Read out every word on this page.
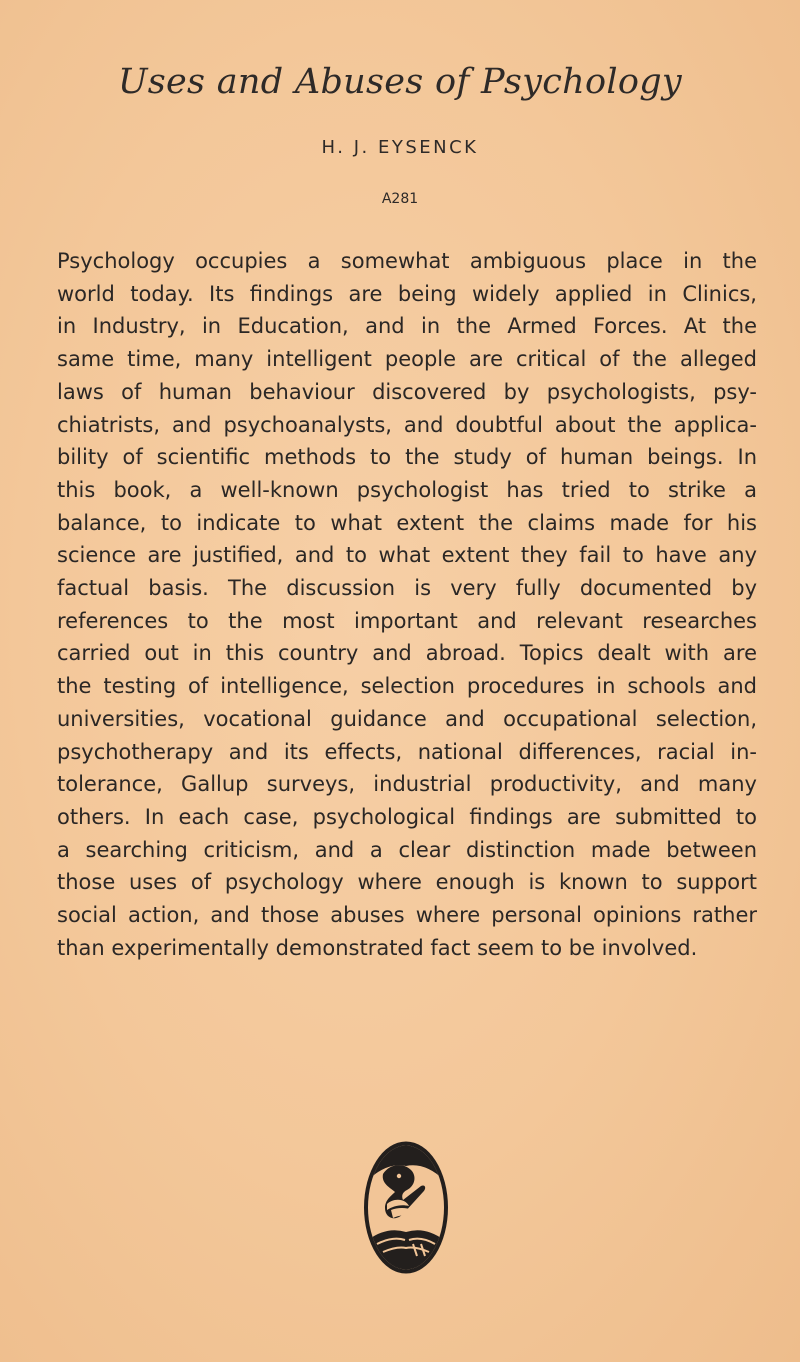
Uses and Abuses of Psychology
H. J. EYSENCK
A281
Psychology occupies a somewhat ambiguous place in the
world today. Its findings are being widely applied in Clinics,
in Industry, in Education, and in the Armed Forces. At the
same time, many intelligent people are critical of the alleged
laws of human behaviour discovered by psychologists, psy-
chiatrists, and psychoanalysts, and doubtful about the applica-
bility of scientific methods to the study of human beings. In
this book, a well-known psychologist has tried to strike a
balance, to indicate to what extent the claims made for his
science are justified, and to what extent they fail to have any
factual basis. The discussion is very fully documented by
references to the most important and relevant researches
carried out in this country and abroad. Topics dealt with are
the testing of intelligence, selection procedures in schools and
universities, vocational guidance and occupational selection,
psychotherapy and its effects, national differences, racial in-
tolerance, Gallup surveys, industrial productivity, and many
others. In each case, psychological findings are submitted to
a searching criticism, and a clear distinction made between
those uses of psychology where enough is known to support
social action, and those abuses where personal opinions rather
than experimentally demonstrated fact seem to be involved.
